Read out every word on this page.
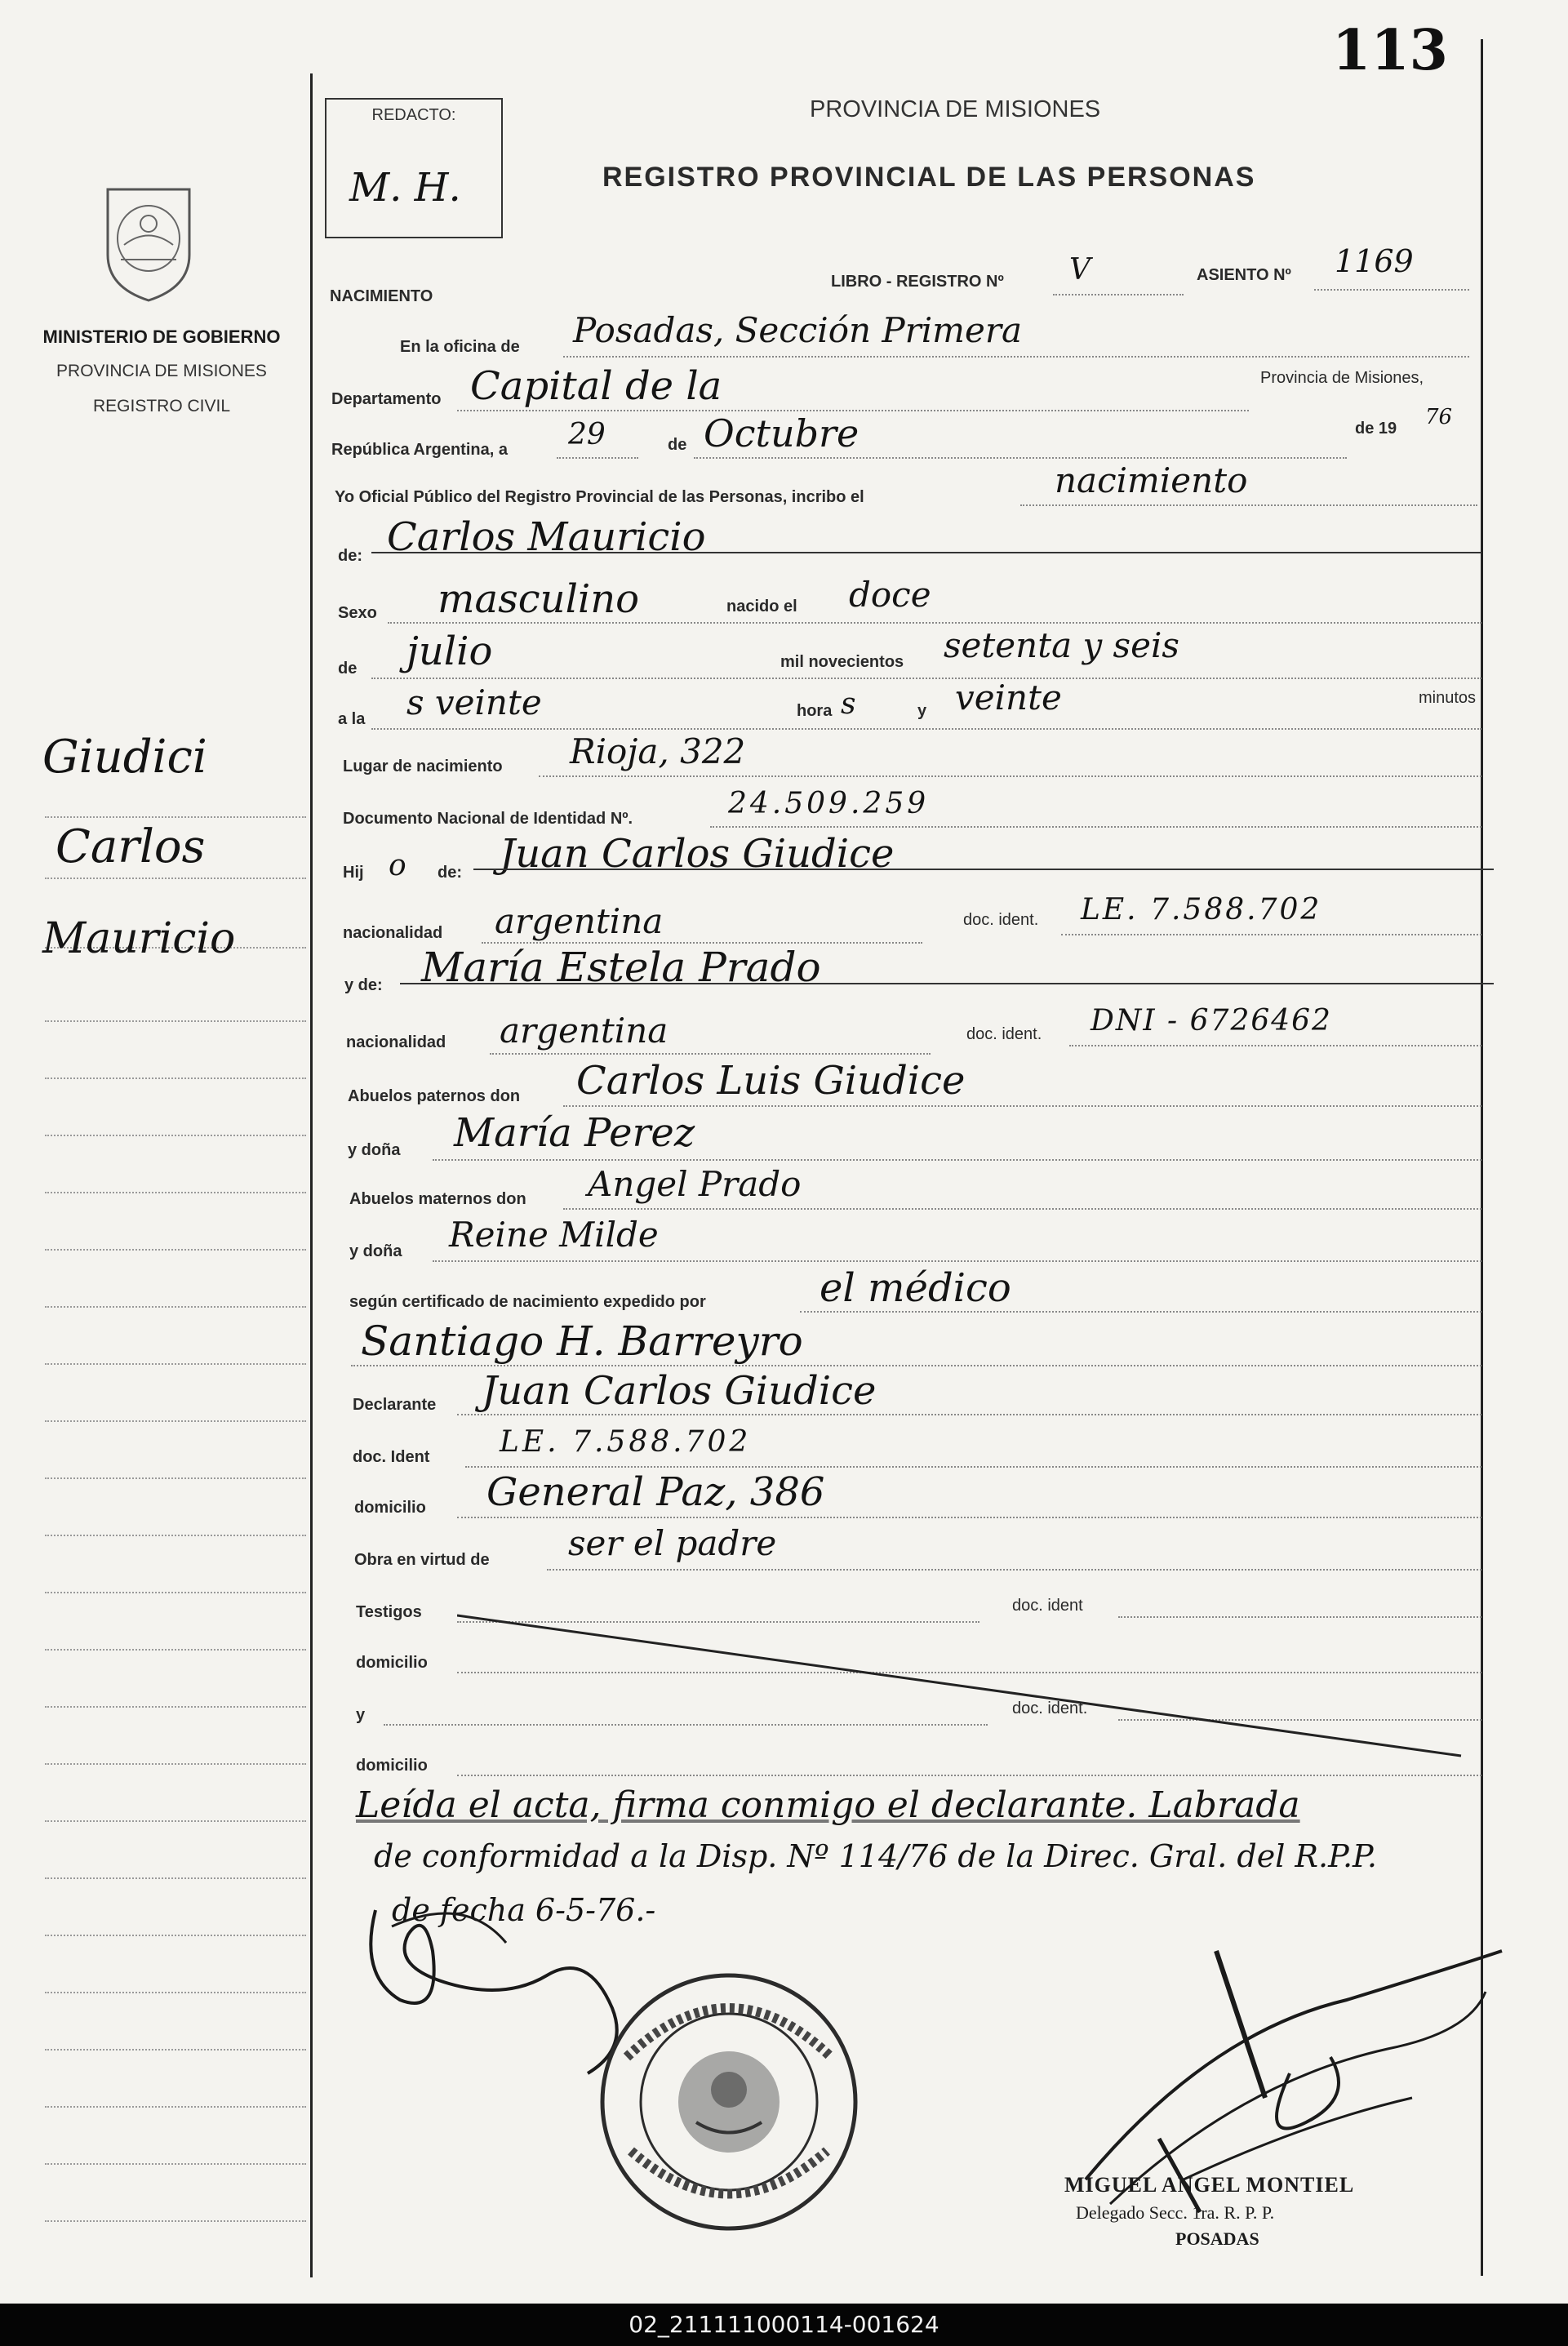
113
MINISTERIO DE GOBIERNO
PROVINCIA DE MISIONES
REGISTRO CIVIL
Giudici
Carlos
Mauricio
REDACTO:
M. H.
PROVINCIA DE MISIONES
REGISTRO PROVINCIAL DE LAS PERSONAS
NACIMIENTO
LIBRO - REGISTRO Nº V	ASIENTO Nº 1169
En la oficina de Posadas, Sección Primera
Departamento Capital de la	Provincia de Misiones,
República Argentina, a 29	de Octubre	de 19 76
Yo Oficial Público del Registro Provincial de las Personas, incribo el	nacimiento
de: Carlos Mauricio
Sexo masculino	nacido el doce
de julio	mil novecientos setenta y seis
a la s veinte	hora s	y veinte	minutos
Lugar de nacimiento Rioja, 322
Documento Nacional de Identidad Nº.	24.509.259
Hij o de: Juan Carlos Giudice
nacionalidad argentina	doc. ident. LE. 7.588.702
y de: María Estela Prado
nacionalidad argentina	doc. ident. DNI - 6726462
Abuelos paternos don Carlos Luis Giudice
y doña María Perez
Abuelos maternos don Angel Prado
y doña Reine Milde
según certificado de nacimiento expedido por	el médico
Santiago H. Barreyro
Declarante Juan Carlos Giudice
doc. Ident LE. 7.588.702
domicilio General Paz, 386
Obra en virtud de ser el padre
Testigos	doc. ident
domicilio
y	doc. ident.
domicilio
Leída el acta, firma conmigo el declarante. Labrada
de conformidad a la Disp. Nº 114/76 de la Direc. Gral. del R.P.P.
de fecha 6-5-76.-
MIGUEL ANGEL MONTIEL
Delegado Secc. 1ra. R. P. P.
POSADAS
02_211111000114-001624
